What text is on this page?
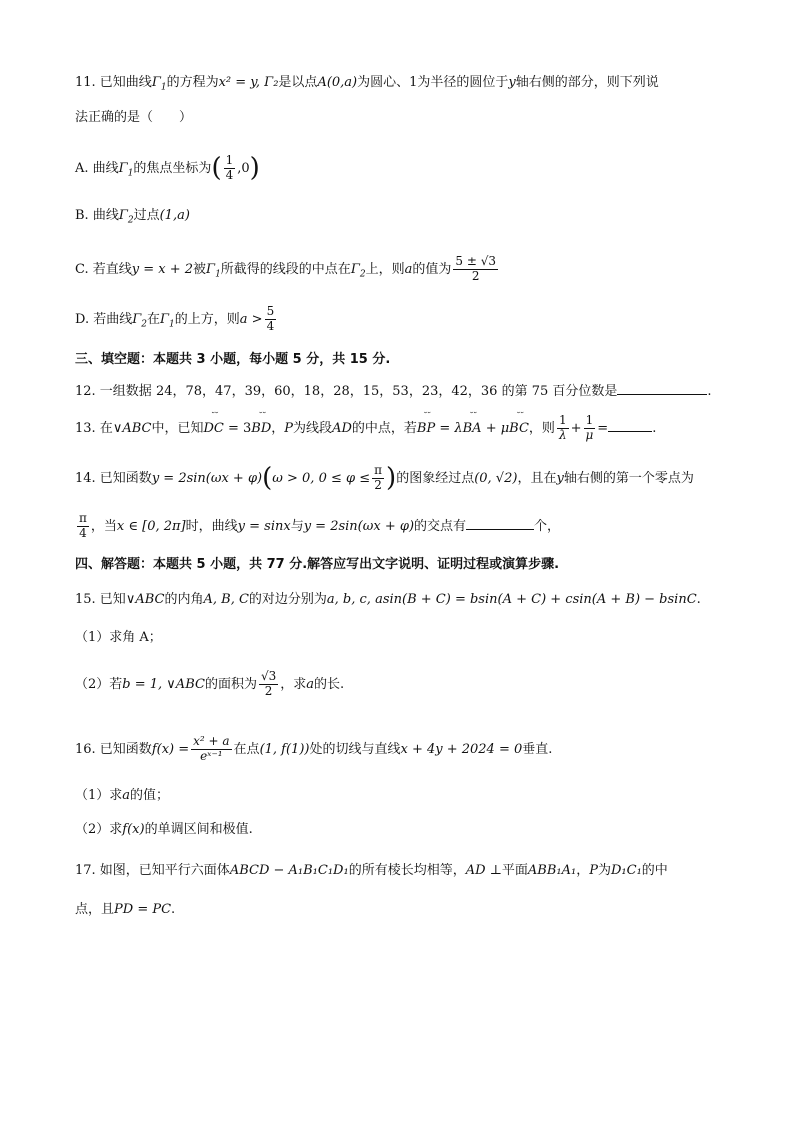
11. 已知曲线$\Gamma_1$的方程为x² = y, Γ₂是以点A(0,a)为圆心、1为半径的圆位于y轴右侧的部分，则下列说
法正确的是（　　）
A. 曲线$\Gamma_1$的焦点坐标为( $\frac{1}{4} ,0$)
B. 曲线$\Gamma_2$过点(1,a)
C. 若直线y = x + 2被$\Gamma_1$所截得的线段的中点在$\Gamma_2$上，则a的值为 $\frac{5 \pm √3}{2}$
D. 若曲线$\Gamma_2$在$\Gamma_1$的上方，则$a > \frac{5}{4}$
三、填空题：本题共 3 小题，每小题 5 分，共 15 分.
12. 一组数据 24，78，47，39，60，18，28，15，53，23，42，36 的第 75 百分位数是	.
13. 在∨ABC中，已知˘˘ DC = 3˘˘ BD，P为线段AD的中点，若˘˘ BP = λ˘˘ BA + μ˘˘ BC，则 $\frac{1}{\lambda} + \frac{1}{\mu}$ =	.
14. 已知函数y = 2sin(ωx + φ)(ω > 0, $0 \le \varphi \le \frac{\pi}{2}$ )的图象经过点(0, √2)，且在y轴右侧的第一个零点为
$\frac{\pi}{4}$ ，当x ∈ [0, 2π]时，曲线y = sinx与y = 2sin(ωx + φ)的交点有	个，
四、解答题：本题共 5 小题，共 77 分.解答应写出文字说明、证明过程或演算步骤.
15. 已知∨ABC的内角A, B, C的对边分别为a, b, c, asin(B + C) = bsin(A + C) + csin(A + B) − bsinC.
（1）求角 A；
（2）若b = 1, ∨ABC的面积为 $\frac{√3}{2}$ ，求a的长.
16. 已知函数$f(x) = \frac{\text{x² + a}}{\text{eˣ⁻¹}}$ 在点(1, f(1))处的切线与直线x + 4y + 2024 = 0垂直.
（1）求a的值；
（2）求f(x)的单调区间和极值.
17. 如图，已知平行六面体ABCD − A₁B₁C₁D₁的所有棱长均相等，AD ⊥平面ABB₁A₁，P为D₁C₁的中
点，且PD = PC.
